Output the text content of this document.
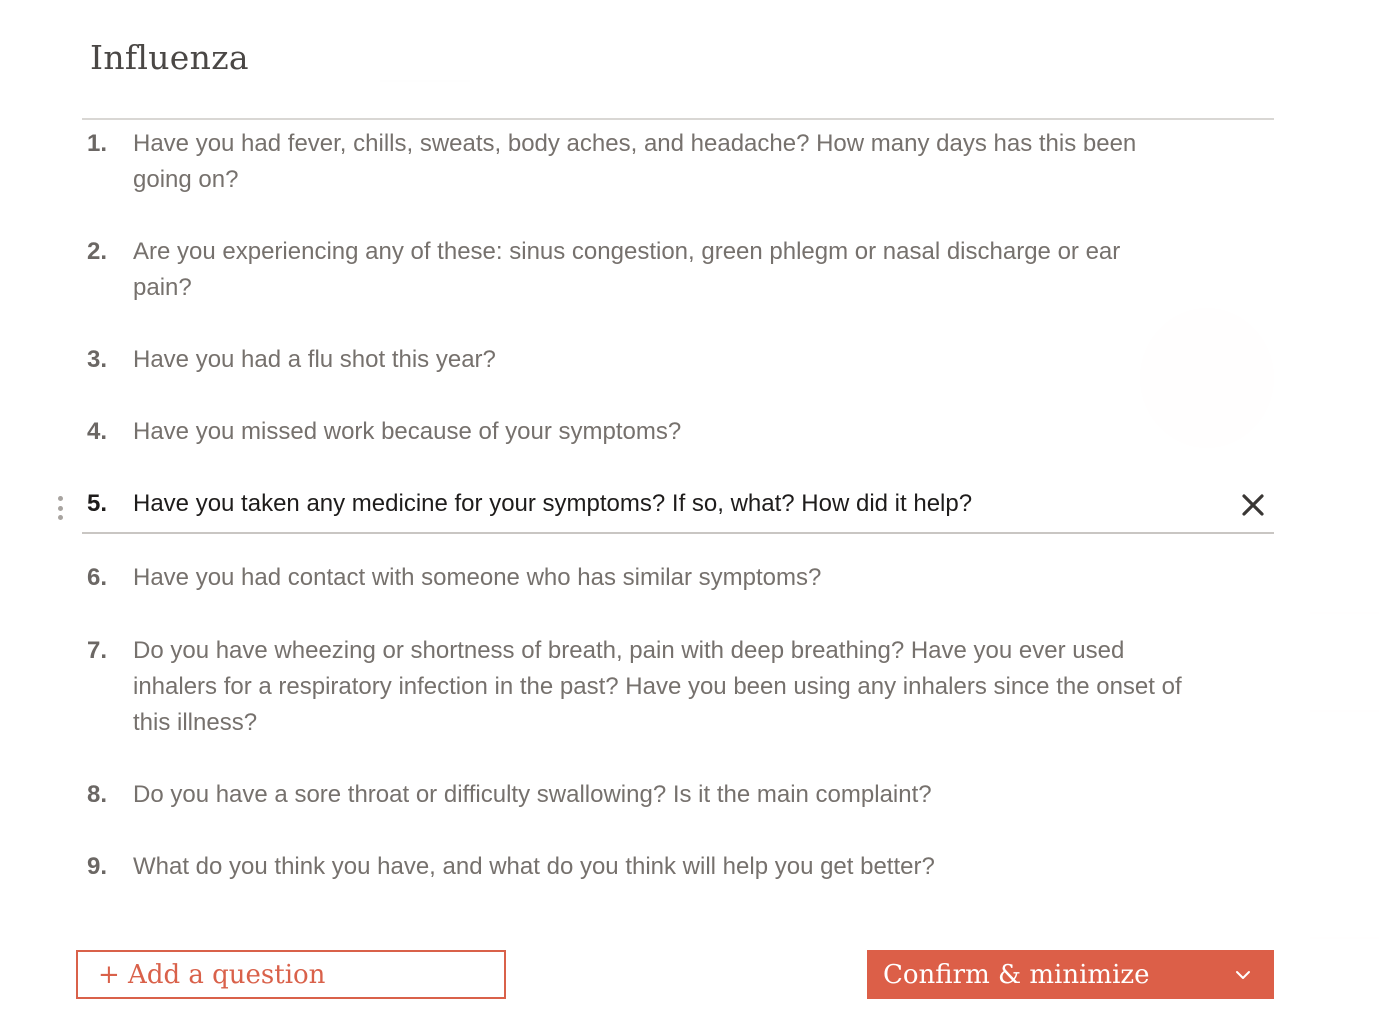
Influenza
1.	Have you had fever, chills, sweats, body aches, and headache? How many days has this been going on?
2.	Are you experiencing any of these: sinus congestion, green phlegm or nasal discharge or ear pain?
3.	Have you had a flu shot this year?
4.	Have you missed work because of your symptoms?
5.	Have you taken any medicine for your symptoms? If so, what? How did it help?
6.	Have you had contact with someone who has similar symptoms?
7.	Do you have wheezing or shortness of breath, pain with deep breathing? Have you ever used inhalers for a respiratory infection in the past? Have you been using any inhalers since the onset of this illness?
8.	Do you have a sore throat or difficulty swallowing? Is it the main complaint?
9.	What do you think you have, and what do you think will help you get better?
+ Add a question	Confirm & minimize
